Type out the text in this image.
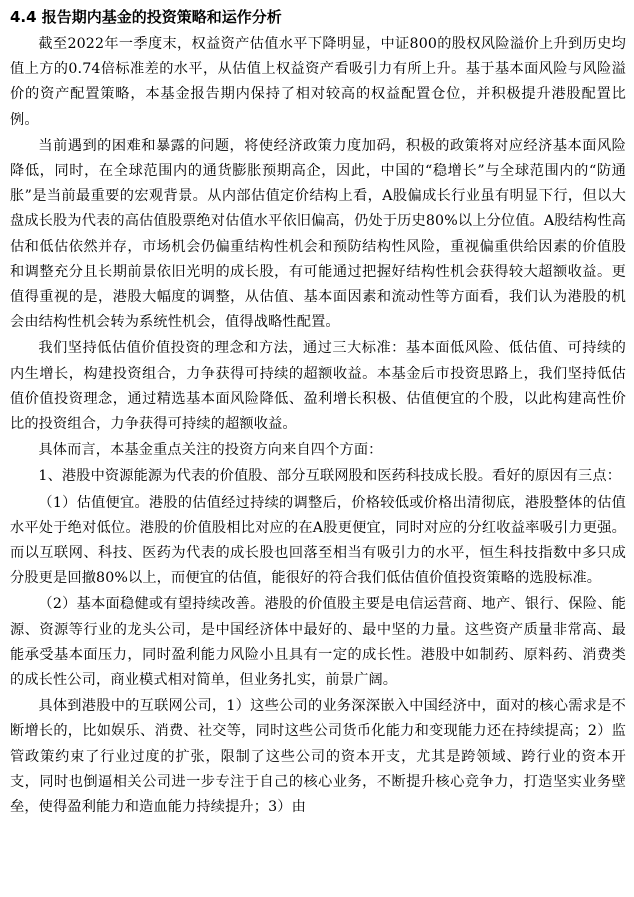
4.4 报告期内基金的投资策略和运作分析

截至2022年一季度末，权益资产估值水平下降明显，中证800的股权风险溢价上升到历史均值上方的0.74倍标准差的水平，从估值上权益资产看吸引力有所上升。基于基本面风险与风险溢价的资产配置策略，本基金报告期内保持了相对较高的权益配置仓位，并积极提升港股配置比例。

当前遇到的困难和暴露的问题，将使经济政策力度加码，积极的政策将对应经济基本面风险降低，同时，在全球范围内的通货膨胀预期高企，因此，中国的“稳增长”与全球范围内的“防通胀”是当前最重要的宏观背景。从内部估值定价结构上看，A股偏成长行业虽有明显下行，但以大盘成长股为代表的高估值股票绝对估值水平依旧偏高，仍处于历史80%以上分位值。A股结构性高估和低估依然并存，市场机会仍偏重结构性机会和预防结构性风险，重视偏重供给因素的价值股和调整充分且长期前景依旧光明的成长股，有可能通过把握好结构性机会获得较大超额收益。更值得重视的是，港股大幅度的调整，从估值、基本面因素和流动性等方面看，我们认为港股的机会由结构性机会转为系统性机会，值得战略性配置。

我们坚持低估值价值投资的理念和方法，通过三大标准：基本面低风险、低估值、可持续的内生增长，构建投资组合，力争获得可持续的超额收益。本基金后市投资思路上，我们坚持低估值价值投资理念，通过精选基本面风险降低、盈利增长积极、估值便宜的个股，以此构建高性价比的投资组合，力争获得可持续的超额收益。

具体而言，本基金重点关注的投资方向来自四个方面：

1、港股中资源能源为代表的价值股、部分互联网股和医药科技成长股。看好的原因有三点：

（1）估值便宜。港股的估值经过持续的调整后，价格较低或价格出清彻底，港股整体的估值水平处于绝对低位。港股的价值股相比对应的在A股更便宜，同时对应的分红收益率吸引力更强。而以互联网、科技、医药为代表的成长股也回落至相当有吸引力的水平，恒生科技指数中多只成分股更是回撤80%以上，而便宜的估值，能很好的符合我们低估值价值投资策略的选股标准。

（2）基本面稳健或有望持续改善。港股的价值股主要是电信运营商、地产、银行、保险、能源、资源等行业的龙头公司，是中国经济体中最好的、最中坚的力量。这些资产质量非常高、最能承受基本面压力，同时盈利能力风险小且具有一定的成长性。港股中如制药、原料药、消费类的成长性公司，商业模式相对简单，但业务扎实，前景广阔。

具体到港股中的互联网公司，1）这些公司的业务深深嵌入中国经济中，面对的核心需求是不断增长的，比如娱乐、消费、社交等，同时这些公司货币化能力和变现能力还在持续提高；2）监管政策约束了行业过度的扩张，限制了这些公司的资本开支，尤其是跨领域、跨行业的资本开支，同时也倒逼相关公司进一步专注于自己的核心业务，不断提升核心竞争力，打造坚实业务壁垒，使得盈利能力和造血能力持续提升；3）由
